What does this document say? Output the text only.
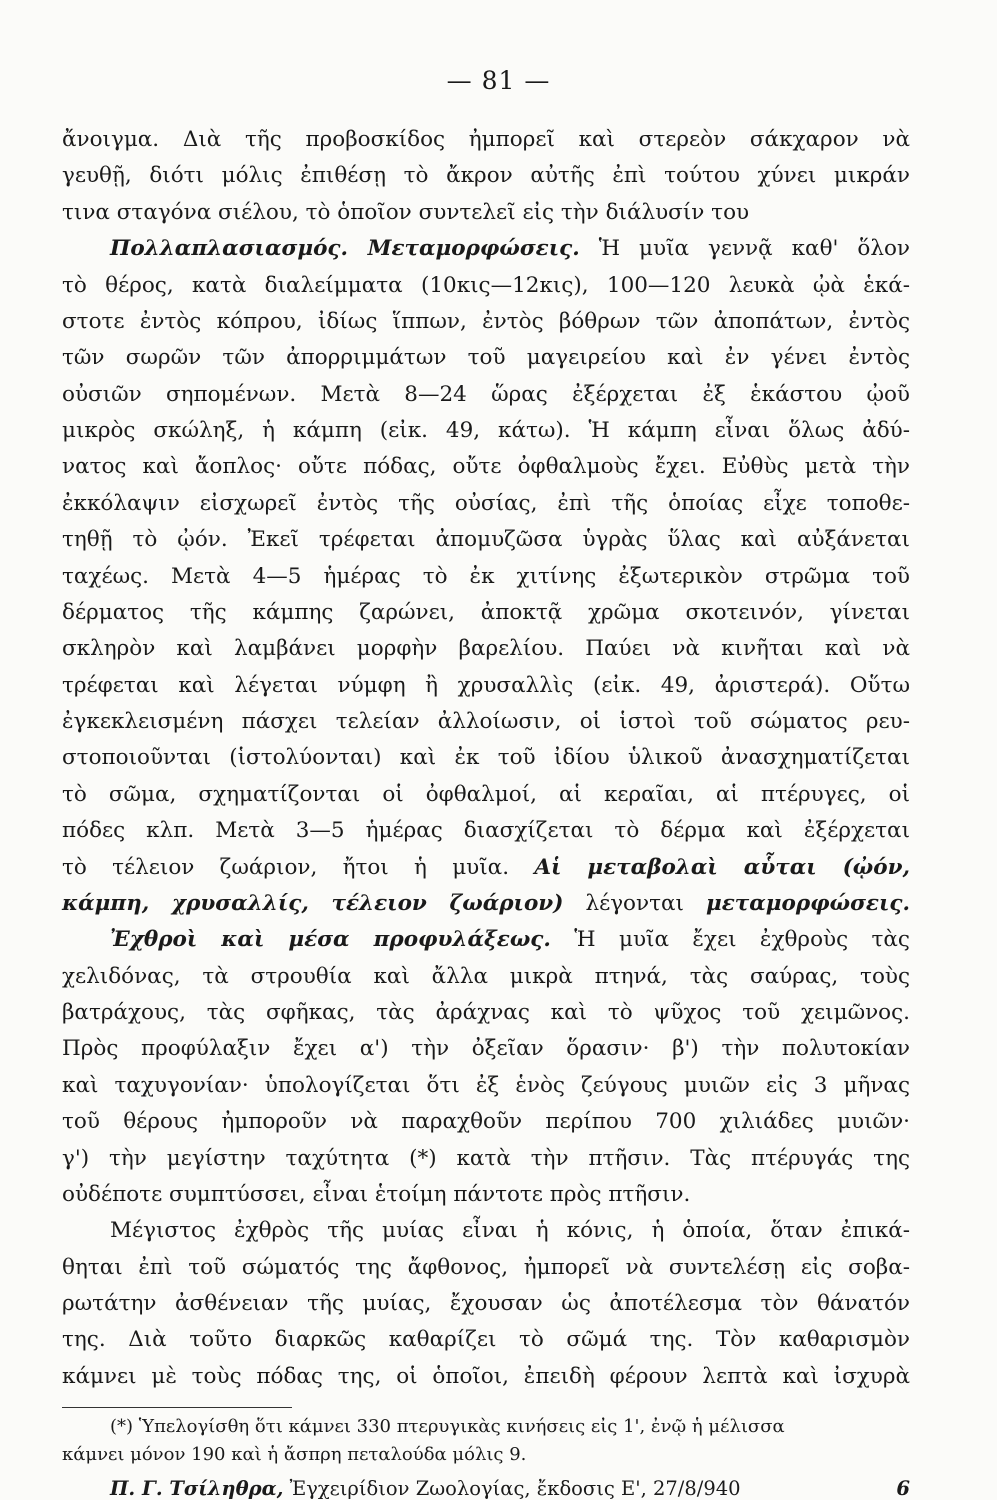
— 81 —
ἄνοιγμα. Διὰ τῆς προβοσκίδος ἠμπορεῖ καὶ στερεὸν σάκχαρον νὰ
γευθῇ, διότι μόλις ἐπιθέσῃ τὸ ἄκρον αὐτῆς ἐπὶ τούτου χύνει μικράν
τινα σταγόνα σιέλου, τὸ ὁποῖον συντελεῖ εἰς τὴν διάλυσίν του
Πολλαπλασιασμός. Μεταμορφώσεις. Ἡ μυῖα γεννᾷ καθ' ὅλον
τὸ θέρος, κατὰ διαλείμματα (10κις—12κις), 100—120 λευκὰ ᾠὰ ἑκά-
στοτε ἐντὸς κόπρου, ἰδίως ἵππων, ἐντὸς βόθρων τῶν ἀποπάτων, ἐντὸς
τῶν σωρῶν τῶν ἀπορριμμάτων τοῦ μαγειρείου καὶ ἐν γένει ἐντὸς
οὐσιῶν σηπομένων. Μετὰ 8—24 ὥρας ἐξέρχεται ἐξ ἑκάστου ᾠοῦ
μικρὸς σκώληξ, ἡ κάμπη (εἰκ. 49, κάτω). Ἡ κάμπη εἶναι ὅλως ἀδύ-
νατος καὶ ἄοπλος· οὔτε πόδας, οὔτε ὀφθαλμοὺς ἔχει. Εὐθὺς μετὰ τὴν
ἐκκόλαψιν εἰσχωρεῖ ἐντὸς τῆς οὐσίας, ἐπὶ τῆς ὁποίας εἶχε τοποθε-
τηθῇ τὸ ᾠόν. Ἐκεῖ τρέφεται ἀπομυζῶσα ὑγρὰς ὕλας καὶ αὐξάνεται
ταχέως. Μετὰ 4—5 ἡμέρας τὸ ἐκ χιτίνης ἐξωτερικὸν στρῶμα τοῦ
δέρματος τῆς κάμπης ζαρώνει, ἀποκτᾷ χρῶμα σκοτεινόν, γίνεται
σκληρὸν καὶ λαμβάνει μορφὴν βαρελίου. Παύει νὰ κινῆται καὶ νὰ
τρέφεται καὶ λέγεται νύμφη ἢ χρυσαλλὶς (εἰκ. 49, ἀριστερά). Οὕτω
ἐγκεκλεισμένη πάσχει τελείαν ἀλλοίωσιν, οἱ ἱστοὶ τοῦ σώματος ρευ-
στοποιοῦνται (ἱστολύονται) καὶ ἐκ τοῦ ἰδίου ὑλικοῦ ἀνασχηματίζεται
τὸ σῶμα, σχηματίζονται οἱ ὀφθαλμοί, αἱ κεραῖαι, αἱ πτέρυγες, οἱ
πόδες κλπ. Μετὰ 3—5 ἡμέρας διασχίζεται τὸ δέρμα καὶ ἐξέρχεται
τὸ τέλειον ζωάριον, ἤτοι ἡ μυῖα. Αἱ μεταβολαὶ αὗται (ᾠόν,
κάμπη, χρυσαλλίς, τέλειον ζωάριον) λέγονται μεταμορφώσεις.
Ἐχθροὶ καὶ μέσα προφυλάξεως. Ἡ μυῖα ἔχει ἐχθροὺς τὰς
χελιδόνας, τὰ στρουθία καὶ ἄλλα μικρὰ πτηνά, τὰς σαύρας, τοὺς
βατράχους, τὰς σφῆκας, τὰς ἀράχνας καὶ τὸ ψῦχος τοῦ χειμῶνος.
Πρὸς προφύλαξιν ἔχει α') τὴν ὀξεῖαν ὅρασιν· β') τὴν πολυτοκίαν
καὶ ταχυγονίαν· ὑπολογίζεται ὅτι ἐξ ἑνὸς ζεύγους μυιῶν εἰς 3 μῆνας
τοῦ θέρους ἠμποροῦν νὰ παραχθοῦν περίπου 700 χιλιάδες μυιῶν·
γ') τὴν μεγίστην ταχύτητα (*) κατὰ τὴν πτῆσιν. Τὰς πτέρυγάς της
οὐδέποτε συμπτύσσει, εἶναι ἑτοίμη πάντοτε πρὸς πτῆσιν.
Μέγιστος ἐχθρὸς τῆς μυίας εἶναι ἡ κόνις, ἡ ὁποία, ὅταν ἐπικά-
θηται ἐπὶ τοῦ σώματός της ἄφθονος, ἠμπορεῖ νὰ συντελέσῃ εἰς σοβα-
ρωτάτην ἀσθένειαν τῆς μυίας, ἔχουσαν ὡς ἀποτέλεσμα τὸν θάνατόν
της. Διὰ τοῦτο διαρκῶς καθαρίζει τὸ σῶμά της. Τὸν καθαρισμὸν
κάμνει μὲ τοὺς πόδας της, οἱ ὁποῖοι, ἐπειδὴ φέρουν λεπτὰ καὶ ἰσχυρὰ
(*) Ὑπελογίσθη ὅτι κάμνει 330 πτερυγικὰς κινήσεις εἰς 1', ἐνῷ ἡ μέλισσα
κάμνει μόνον 190 καὶ ἡ ἄσπρη πεταλούδα μόλις 9.
Π. Γ. Τσίληθρα, Ἐγχειρίδιον Ζωολογίας, ἔκδοσις Ε', 27/8/940	6
